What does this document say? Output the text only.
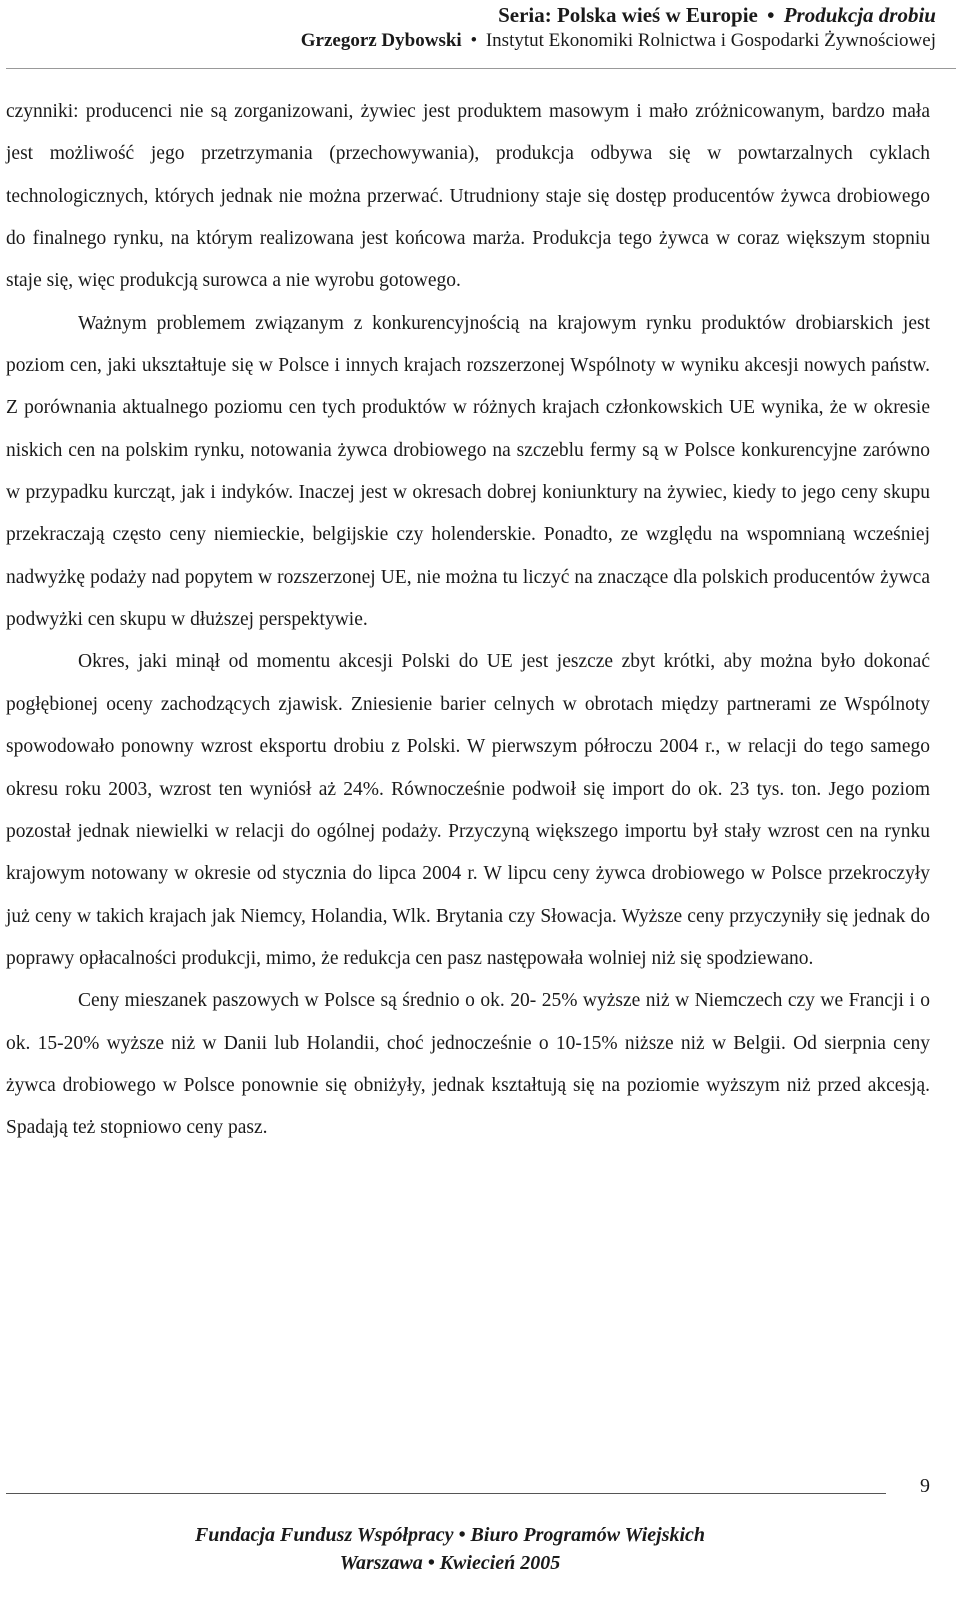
Seria: Polska wieś w Europie • Produkcja drobiu
Grzegorz Dybowski • Instytut Ekonomiki Rolnictwa i Gospodarki Żywnościowej

czynniki: producenci nie są zorganizowani, żywiec jest produktem masowym i mało zróżnicowanym, bardzo mała jest możliwość jego przetrzymania (przechowywania), produkcja odbywa się w powtarzalnych cyklach technologicznych, których jednak nie można przerwać. Utrudniony staje się dostęp producentów żywca drobiowego do finalnego rynku, na którym realizowana jest końcowa marża. Produkcja tego żywca w coraz większym stopniu staje się, więc produkcją surowca a nie wyrobu gotowego.

Ważnym problemem związanym z konkurencyjnością na krajowym rynku produktów drobiarskich jest poziom cen, jaki ukształtuje się w Polsce i innych krajach rozszerzonej Wspólnoty w wyniku akcesji nowych państw. Z porównania aktualnego poziomu cen tych produktów w różnych krajach członkowskich UE wynika, że w okresie niskich cen na polskim rynku, notowania żywca drobiowego na szczeblu fermy są w Polsce konkurencyjne zarówno w przypadku kurcząt, jak i indyków. Inaczej jest w okresach dobrej koniunktury na żywiec, kiedy to jego ceny skupu przekraczają często ceny niemieckie, belgijskie czy holenderskie. Ponadto, ze względu na wspomnianą wcześniej nadwyżkę podaży nad popytem w rozszerzonej UE, nie można tu liczyć na znaczące dla polskich producentów żywca podwyżki cen skupu w dłuższej perspektywie.

Okres, jaki minął od momentu akcesji Polski do UE jest jeszcze zbyt krótki, aby można było dokonać pogłębionej oceny zachodzących zjawisk. Zniesienie barier celnych w obrotach między partnerami ze Wspólnoty spowodowało ponowny wzrost eksportu drobiu z Polski. W pierwszym półroczu 2004 r., w relacji do tego samego okresu roku 2003, wzrost ten wyniósł aż 24%. Równocześnie podwoił się import do ok. 23 tys. ton. Jego poziom pozostał jednak niewielki w relacji do ogólnej podaży. Przyczyną większego importu był stały wzrost cen na rynku krajowym notowany w okresie od stycznia do lipca 2004 r. W lipcu ceny żywca drobiowego w Polsce przekroczyły już ceny w takich krajach jak Niemcy, Holandia, Wlk. Brytania czy Słowacja. Wyższe ceny przyczyniły się jednak do poprawy opłacalności produkcji, mimo, że redukcja cen pasz następowała wolniej niż się spodziewano.

Ceny mieszanek paszowych w Polsce są średnio o ok. 20- 25% wyższe niż w Niemczech czy we Francji i o ok. 15-20% wyższe niż w Danii lub Holandii, choć jednocześnie o 10-15% niższe niż w Belgii. Od sierpnia ceny żywca drobiowego w Polsce ponownie się obniżyły, jednak kształtują się na poziomie wyższym niż przed akcesją. Spadają też stopniowo ceny pasz.

9
Fundacja Fundusz Współpracy • Biuro Programów Wiejskich
Warszawa • Kwiecień 2005
